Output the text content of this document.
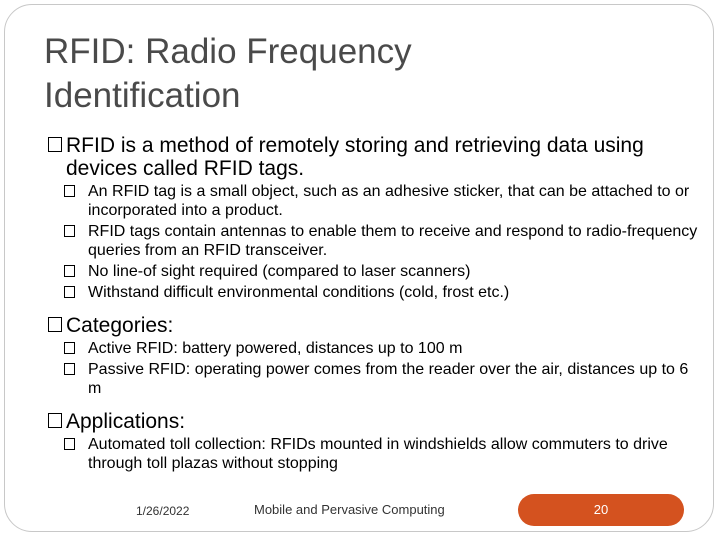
RFID: Radio Frequency
Identification
RFID is a method of remotely storing and retrieving data using devices called RFID tags.
An RFID tag is a small object, such as an adhesive sticker, that can be attached to or incorporated into a product.
RFID tags contain antennas to enable them to receive and respond to radio-frequency queries from an RFID transceiver.
No line-of sight required (compared to laser scanners)
Withstand difficult environmental conditions (cold, frost etc.)
Categories:
Active RFID: battery powered, distances up to 100 m
Passive RFID: operating power comes from the reader over the air, distances up to 6 m
Applications:
Automated toll collection: RFIDs mounted in windshields allow commuters to drive through toll plazas without stopping
1/26/2022	Mobile and Pervasive Computing	20
